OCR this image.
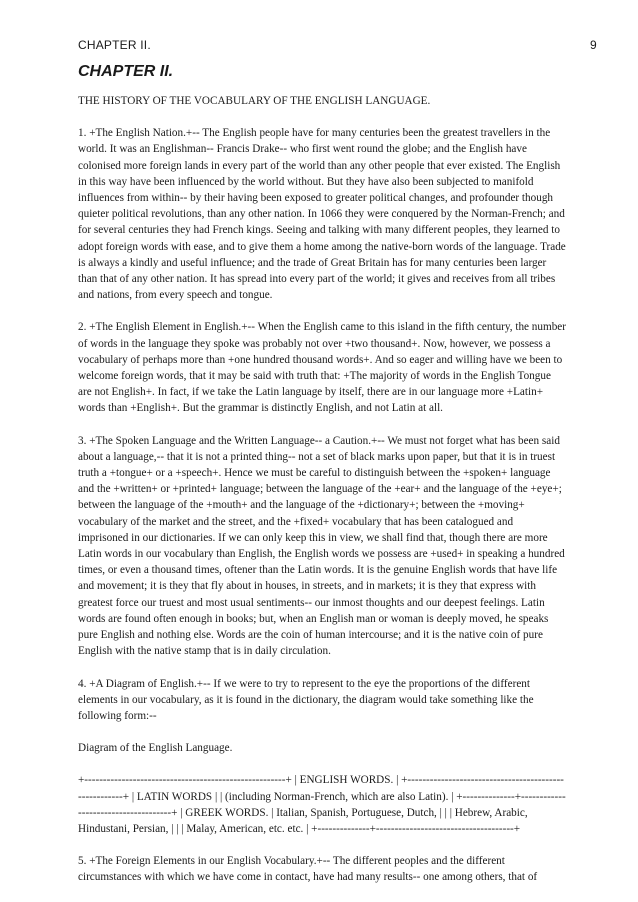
CHAPTER II.	9
CHAPTER II.

THE HISTORY OF THE VOCABULARY OF THE ENGLISH LANGUAGE.

1. +The English Nation.+-- The English people have for many centuries been the greatest travellers in the world. It was an Englishman-- Francis Drake-- who first went round the globe; and the English have colonised more foreign lands in every part of the world than any other people that ever existed. The English in this way have been influenced by the world without. But they have also been subjected to manifold influences from within-- by their having been exposed to greater political changes, and profounder though quieter political revolutions, than any other nation. In 1066 they were conquered by the Norman-French; and for several centuries they had French kings. Seeing and talking with many different peoples, they learned to adopt foreign words with ease, and to give them a home among the native-born words of the language. Trade is always a kindly and useful influence; and the trade of Great Britain has for many centuries been larger than that of any other nation. It has spread into every part of the world; it gives and receives from all tribes and nations, from every speech and tongue.

2. +The English Element in English.+-- When the English came to this island in the fifth century, the number of words in the language they spoke was probably not over +two thousand+. Now, however, we possess a vocabulary of perhaps more than +one hundred thousand words+. And so eager and willing have we been to welcome foreign words, that it may be said with truth that: +The majority of words in the English Tongue are not English+. In fact, if we take the Latin language by itself, there are in our language more +Latin+ words than +English+. But the grammar is distinctly English, and not Latin at all.

3. +The Spoken Language and the Written Language-- a Caution.+-- We must not forget what has been said about a language,-- that it is not a printed thing-- not a set of black marks upon paper, but that it is in truest truth a +tongue+ or a +speech+. Hence we must be careful to distinguish between the +spoken+ language and the +written+ or +printed+ language; between the language of the +ear+ and the language of the +eye+; between the language of the +mouth+ and the language of the +dictionary+; between the +moving+ vocabulary of the market and the street, and the +fixed+ vocabulary that has been catalogued and imprisoned in our dictionaries. If we can only keep this in view, we shall find that, though there are more Latin words in our vocabulary than English, the English words we possess are +used+ in speaking a hundred times, or even a thousand times, oftener than the Latin words. It is the genuine English words that have life and movement; it is they that fly about in houses, in streets, and in markets; it is they that express with greatest force our truest and most usual sentiments-- our inmost thoughts and our deepest feelings. Latin words are found often enough in books; but, when an English man or woman is deeply moved, he speaks pure English and nothing else. Words are the coin of human intercourse; and it is the native coin of pure English with the native stamp that is in daily circulation.

4. +A Diagram of English.+-- If we were to try to represent to the eye the proportions of the different elements in our vocabulary, as it is found in the dictionary, the diagram would take something like the following form:--

Diagram of the English Language.

+------------------------------------------------------+ | ENGLISH WORDS. | +------------------------------------------------------+ | LATIN WORDS | | (including Norman-French, which are also Latin). | +--------------+-------------------------------------+ | GREEK WORDS. | Italian, Spanish, Portuguese, Dutch, | | | Hebrew, Arabic, Hindustani, Persian, | | | Malay, American, etc. etc. | +--------------+-------------------------------------+

5. +The Foreign Elements in our English Vocabulary.+-- The different peoples and the different circumstances with which we have come in contact, have had many results-- one among others, that of
